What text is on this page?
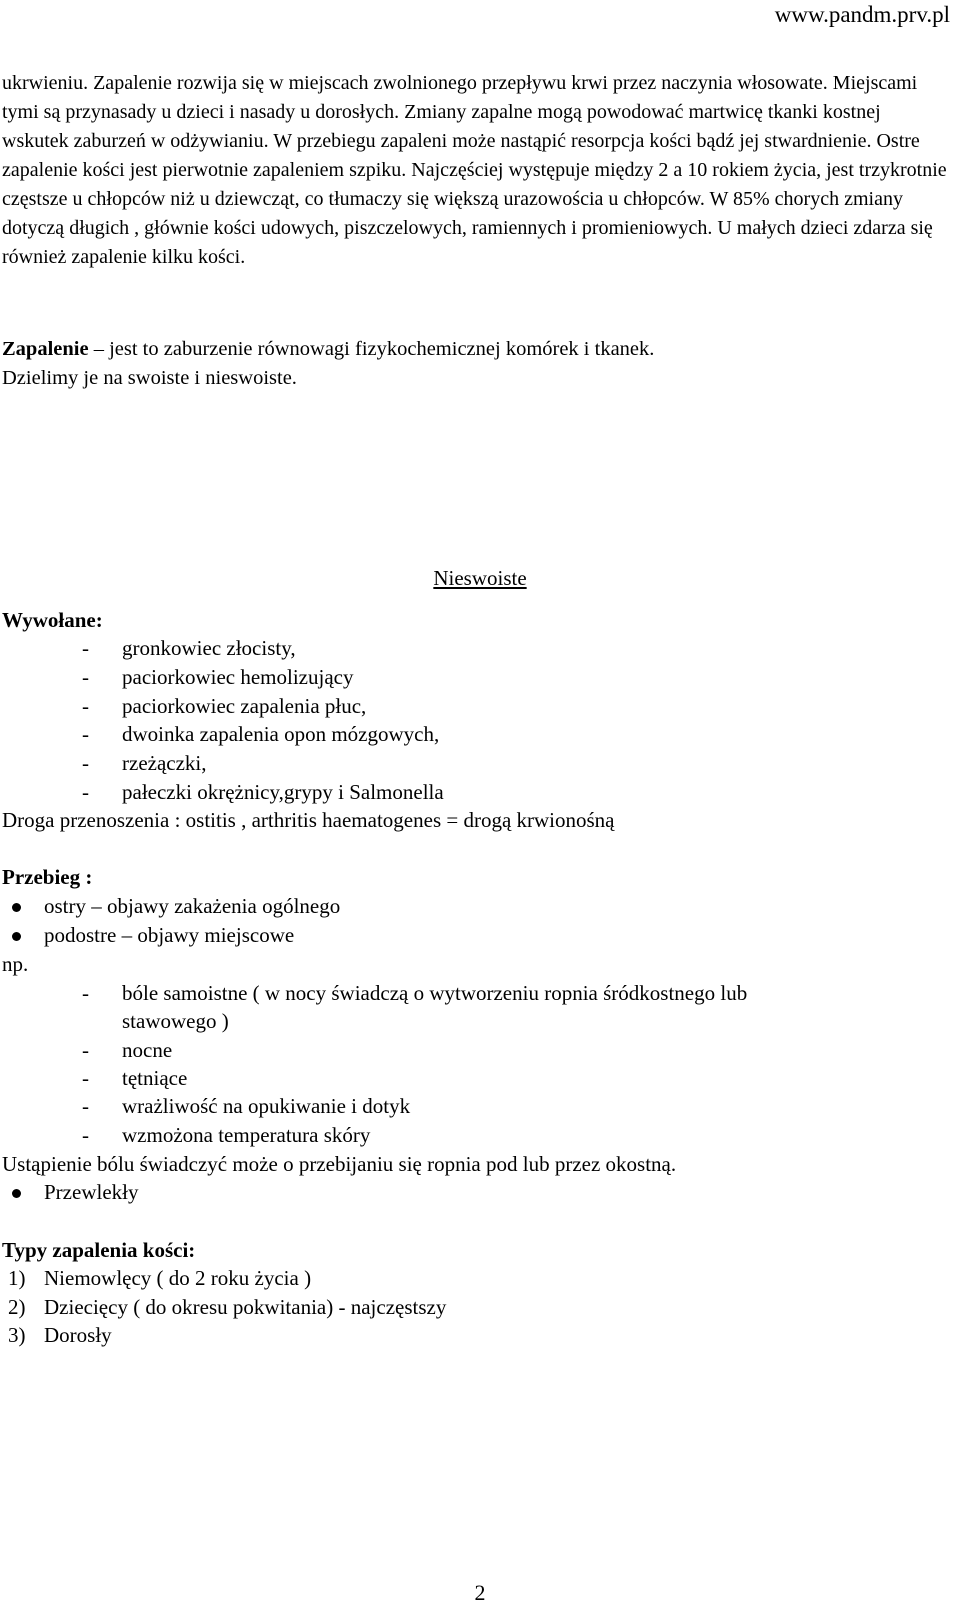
www.pandm.prv.pl
ukrwieniu. Zapalenie rozwija się w miejscach zwolnionego przepływu krwi przez naczynia włosowate. Miejscami tymi są przynasady u dzieci i nasady u dorosłych. Zmiany zapalne mogą powodować martwicę tkanki kostnej wskutek zaburzeń w odżywianiu. W przebiegu zapaleni może nastąpić resorpcja kości bądź jej stwardnienie. Ostre zapalenie kości jest pierwotnie zapaleniem szpiku. Najczęściej występuje między 2 a 10 rokiem życia, jest trzykrotnie częstsze u chłopców niż u dziewcząt, co tłumaczy się większą urazowościa u chłopców. W 85% chorych zmiany dotyczą długich , głównie kości udowych, piszczelowych, ramiennych i promieniowych. U małych dzieci zdarza się również zapalenie kilku kości.
Zapalenie – jest to zaburzenie równowagi fizykochemicznej komórek i tkanek.
Dzielimy je na swoiste i nieswoiste.
Nieswoiste
Wywołane:
- gronkowiec złocisty,
- paciorkowiec hemolizujący
- paciorkowiec zapalenia płuc,
- dwoinka zapalenia opon mózgowych,
- rzeżączki,
- pałeczki okrężnicy,grypy i Salmonella
Droga przenoszenia : ostitis , arthritis haematogenes = drogą krwionośną
Przebieg :
ostry – objawy zakażenia ogólnego
podostre – objawy miejscowe
np.
- bóle samoistne ( w nocy świadczą o wytworzeniu ropnia śródkostnego lub
stawowego )
- nocne
- tętniące
- wrażliwość na opukiwanie i dotyk
- wzmożona temperatura skóry
Ustąpienie bólu świadczyć może o przebijaniu się ropnia pod lub przez okostną.
Przewlekły
Typy zapalenia kości:
1) Niemowlęcy ( do 2 roku życia )
2) Dziecięcy ( do okresu pokwitania) - najczęstszy
3) Dorosły
2
